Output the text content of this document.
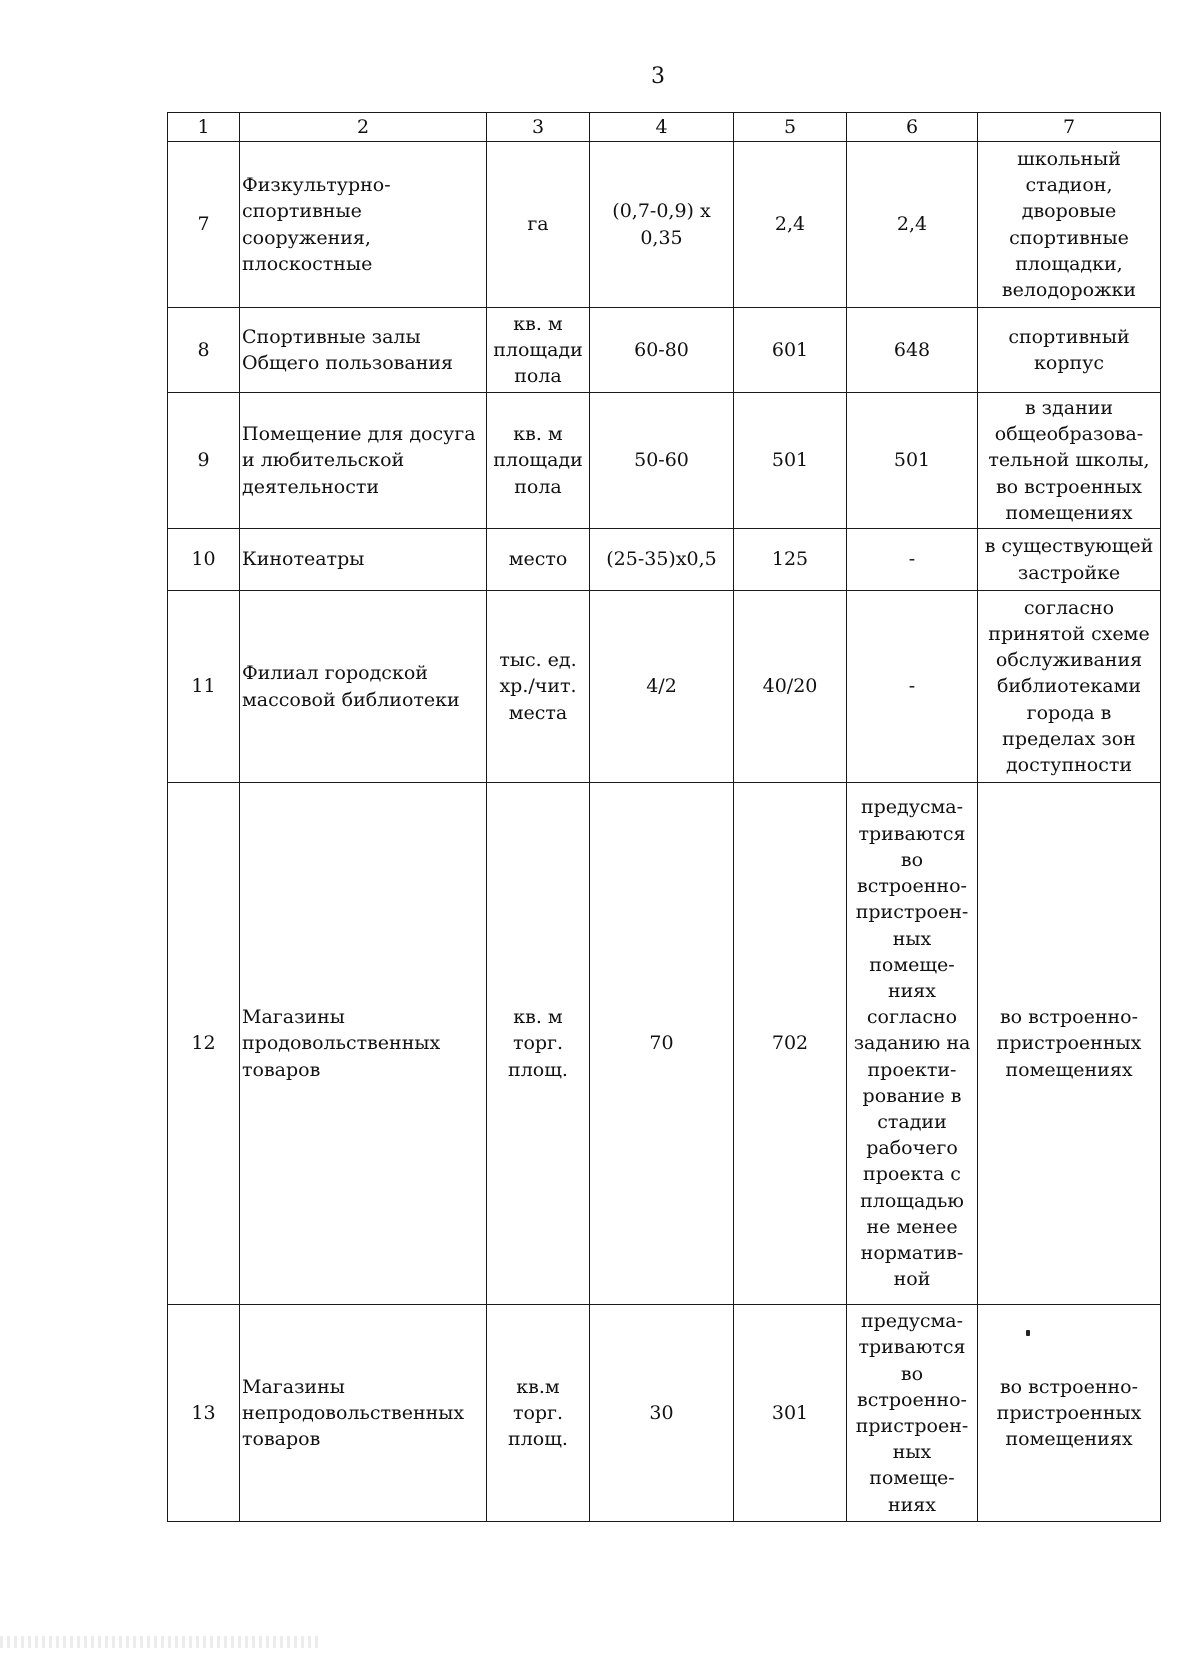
3
1	2	3	4	5	6	7
7	Физкультурно-спортивные сооружения, плоскостные	га	(0,7-0,9) х 0,35	2,4	2,4	школьный стадион, дворовые спортивные площадки, велодорожки
8	Спортивные залы Общего пользования	кв. м площади пола	60-80	601	648	спортивный корпус
9	Помещение для досуга и любительской деятельности	кв. м площади пола	50-60	501	501	в здании общеобразова-тельной школы, во встроенных помещениях
10	Кинотеатры	место	(25-35)x0,5	125	-	в существующей застройке
11	Филиал городской массовой библиотеки	тыс. ед. хр./чит. места	4/2	40/20	-	согласно принятой схеме обслуживания библиотеками города в пределах зон доступности
12	Магазины продовольственных товаров	кв. м торг. площ.	70	702	предусма-триваются во встроенно-пристроен-ных помеще-ниях согласно заданию на проекти-рование в стадии рабочего проекта с площадью не менее норматив-ной	во встроенно-пристроенных помещениях
13	Магазины непродовольственных товаров	кв.м торг. площ.	30	301	предусма-триваются во встроенно-пристроен-ных помеще-ниях	во встроенно-пристроенных помещениях
